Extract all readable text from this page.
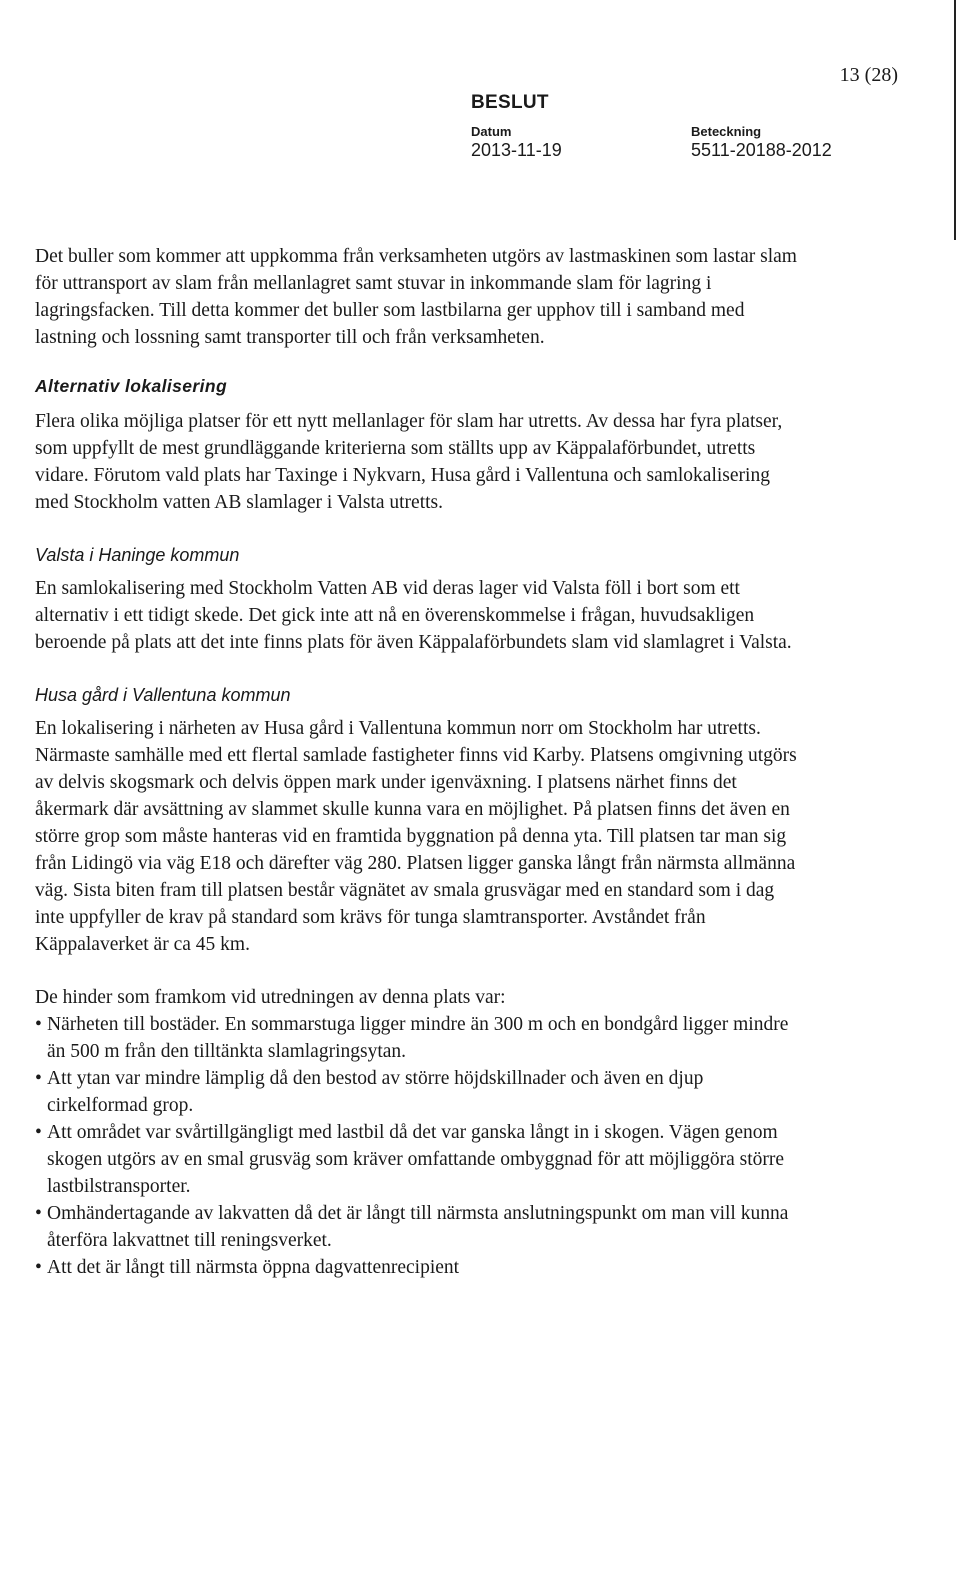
13 (28)
BESLUT
Datum
2013-11-19
Beteckning
5511-20188-2012

Det buller som kommer att uppkomma från verksamheten utgörs av lastmaskinen som lastar slam för uttransport av slam från mellanlagret samt stuvar in inkommande slam för lagring i lagringsfacken. Till detta kommer det buller som lastbilarna ger upphov till i samband med lastning och lossning samt transporter till och från verksamheten.

Alternativ lokalisering

Flera olika möjliga platser för ett nytt mellanlager för slam har utretts. Av dessa har fyra platser, som uppfyllt de mest grundläggande kriterierna som ställts upp av Käppalaförbundet, utretts vidare. Förutom vald plats har Taxinge i Nykvarn, Husa gård i Vallentuna och samlokalisering med Stockholm vatten AB slamlager i Valsta utretts.

Valsta i Haninge kommun

En samlokalisering med Stockholm Vatten AB vid deras lager vid Valsta föll i bort som ett alternativ i ett tidigt skede. Det gick inte att nå en överenskommelse i frågan, huvudsakligen beroende på plats att det inte finns plats för även Käppalaförbundets slam vid slamlagret i Valsta.

Husa gård i Vallentuna kommun

En lokalisering i närheten av Husa gård i Vallentuna kommun norr om Stockholm har utretts. Närmaste samhälle med ett flertal samlade fastigheter finns vid Karby. Platsens omgivning utgörs av delvis skogsmark och delvis öppen mark under igenväxning. I platsens närhet finns det åkermark där avsättning av slammet skulle kunna vara en möjlighet. På platsen finns det även en större grop som måste hanteras vid en framtida byggnation på denna yta. Till platsen tar man sig från Lidingö via väg E18 och därefter väg 280. Platsen ligger ganska långt från närmsta allmänna väg. Sista biten fram till platsen består vägnätet av smala grusvägar med en standard som i dag inte uppfyller de krav på standard som krävs för tunga slamtransporter. Avståndet från Käppalaverket är ca 45 km.

De hinder som framkom vid utredningen av denna plats var:

• Närheten till bostäder. En sommarstuga ligger mindre än 300 m och en bondgård ligger mindre än 500 m från den tilltänkta slamlagringsytan.
• Att ytan var mindre lämplig då den bestod av större höjdskillnader och även en djup cirkelformad grop.
• Att området var svårtillgängligt med lastbil då det var ganska långt in i skogen. Vägen genom skogen utgörs av en smal grusväg som kräver omfattande ombyggnad för att möjliggöra större lastbilstransporter.
• Omhändertagande av lakvatten då det är långt till närmsta anslutningspunkt om man vill kunna återföra lakvattnet till reningsverket.
• Att det är långt till närmsta öppna dagvattenrecipient
